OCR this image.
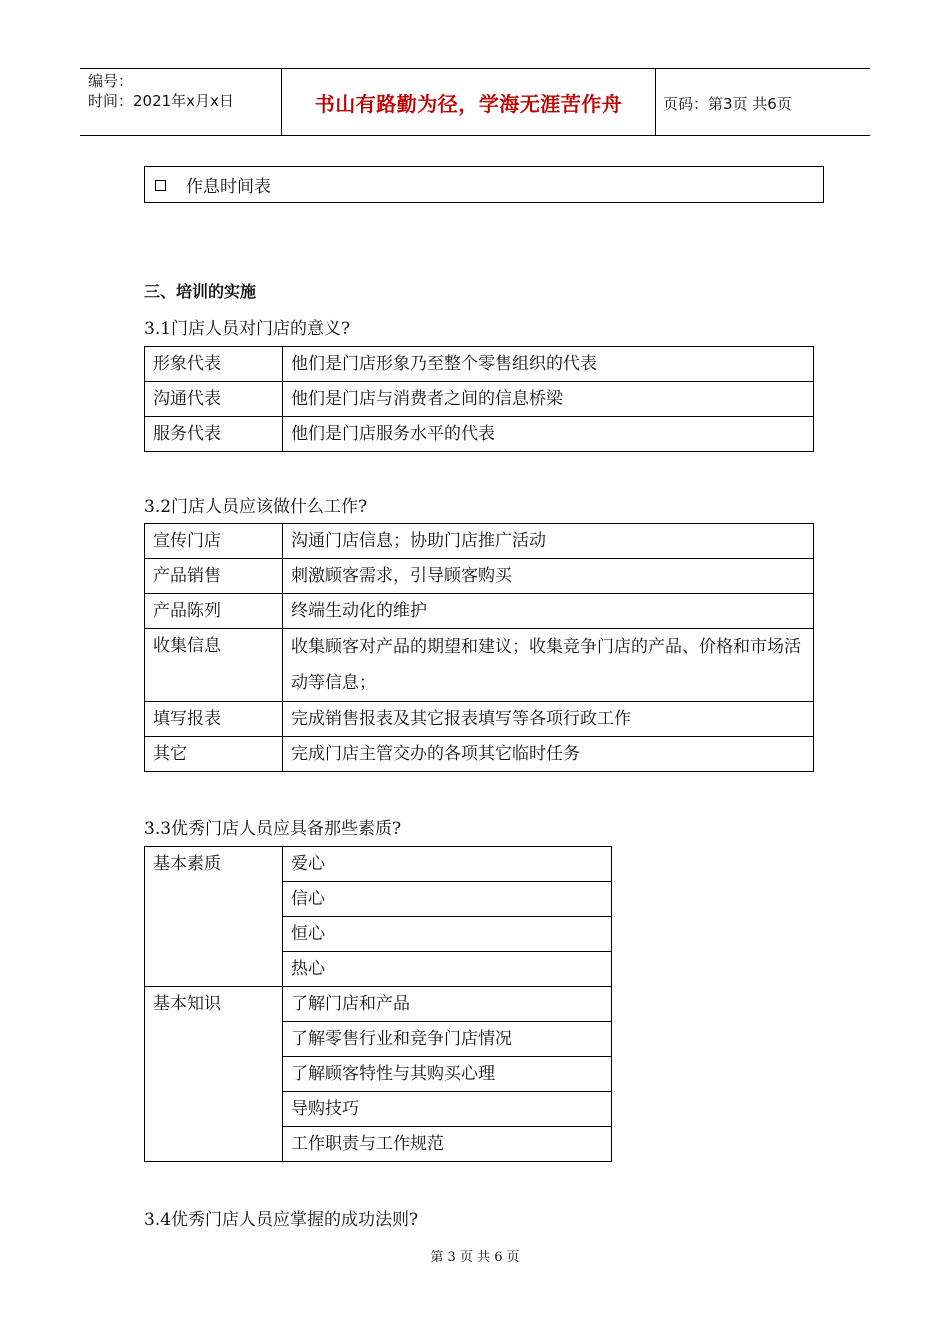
编号：
时间：2021年x月x日	书山有路勤为径，学海无涯苦作舟	页码：第3页 共6页
作息时间表
三、培训的实施
3.1门店人员对门店的意义?
形象代表	他们是门店形象乃至整个零售组织的代表
沟通代表	他们是门店与消费者之间的信息桥梁
服务代表	他们是门店服务水平的代表
3.2门店人员应该做什么工作?
宣传门店	沟通门店信息；协助门店推广活动
产品销售	刺激顾客需求，引导顾客购买
产品陈列	终端生动化的维护
收集信息	收集顾客对产品的期望和建议；收集竞争门店的产品、价格和市场活动等信息；
填写报表	完成销售报表及其它报表填写等各项行政工作
其它	完成门店主管交办的各项其它临时任务
3.3优秀门店人员应具备那些素质?
基本素质	爱心
	信心
	恒心
	热心
基本知识	了解门店和产品
	了解零售行业和竞争门店情况
	了解顾客特性与其购买心理
	导购技巧
	工作职责与工作规范
3.4优秀门店人员应掌握的成功法则?
第 3 页 共 6 页
